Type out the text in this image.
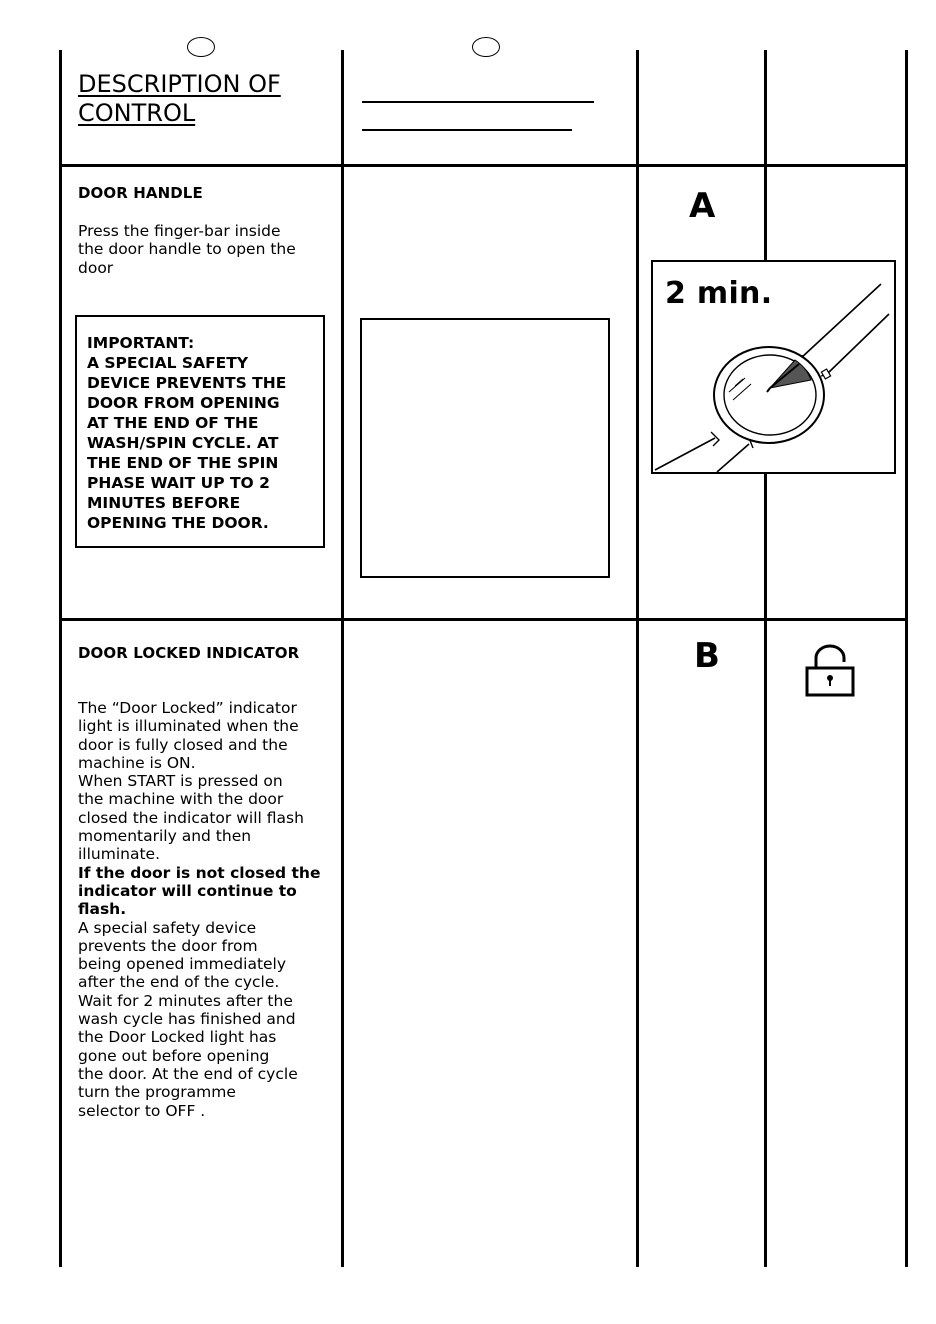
DESCRIPTION OF
CONTROL
DOOR HANDLE
Press the finger-bar inside
the door handle to open the
door
IMPORTANT:
A SPECIAL SAFETY
DEVICE PREVENTS THE
DOOR FROM OPENING
AT THE END OF THE
WASH/SPIN CYCLE. AT
THE END OF THE SPIN
PHASE WAIT UP TO 2
MINUTES BEFORE
OPENING THE DOOR.
A
2 min.
DOOR LOCKED INDICATOR
The “Door Locked” indicator
light is illuminated when the
door is fully closed and the
machine is ON.
When START is pressed on
the machine with the door
closed the indicator will flash
momentarily and then
illuminate.
If the door is not closed the
indicator will continue to
flash.
A special safety device
prevents the door from
being opened immediately
after the end of the cycle.
Wait for 2 minutes after the
wash cycle has finished and
the Door Locked light has
gone out before opening
the door. At the end of cycle
turn the programme
selector to OFF .
B
